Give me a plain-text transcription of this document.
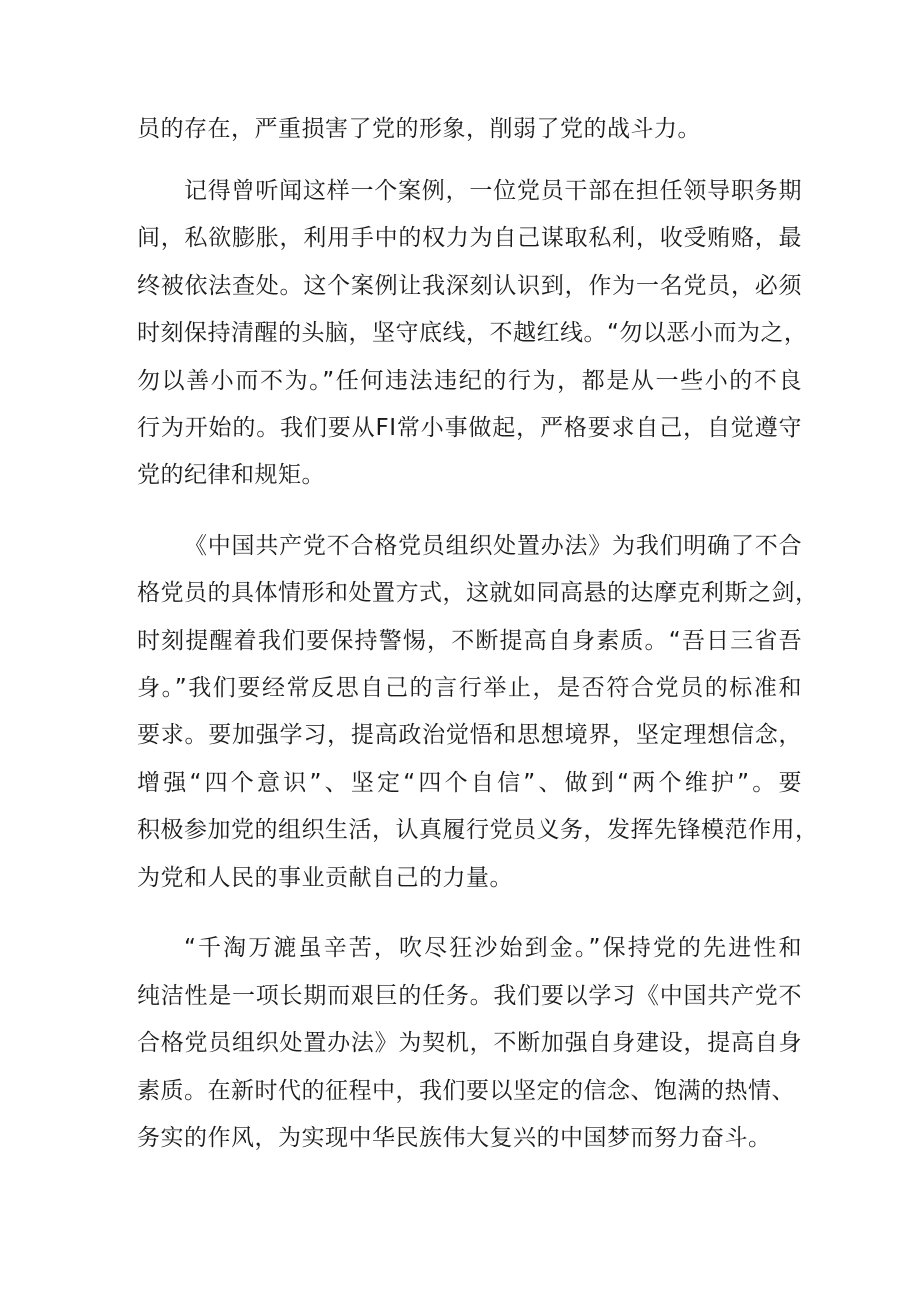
员的存在，严重损害了党的形象，削弱了党的战斗力。
记得曾听闻这样一个案例，一位党员干部在担任领导职务期
间，私欲膨胀，利用手中的权力为自己谋取私利，收受贿赂，最
终被依法查处。这个案例让我深刻认识到，作为一名党员，必须
时刻保持清醒的头脑，坚守底线，不越红线。“勿以恶小而为之，
勿以善小而不为。”任何违法违纪的行为，都是从一些小的不良
行为开始的。我们要从FI常小事做起，严格要求自己，自觉遵守
党的纪律和规矩。
《中国共产党不合格党员组织处置办法》为我们明确了不合
格党员的具体情形和处置方式，这就如同高悬的达摩克利斯之剑，
时刻提醒着我们要保持警惕，不断提高自身素质。“吾日三省吾
身。”我们要经常反思自己的言行举止，是否符合党员的标准和
要求。要加强学习，提高政治觉悟和思想境界，坚定理想信念，
增强“四个意识”、坚定“四个自信”、做到“两个维护”。要
积极参加党的组织生活，认真履行党员义务，发挥先锋模范作用，
为党和人民的事业贡献自己的力量。
“千淘万漉虽辛苦，吹尽狂沙始到金。”保持党的先进性和
纯洁性是一项长期而艰巨的任务。我们要以学习《中国共产党不
合格党员组织处置办法》为契机，不断加强自身建设，提高自身
素质。在新时代的征程中，我们要以坚定的信念、饱满的热情、
务实的作风，为实现中华民族伟大复兴的中国梦而努力奋斗。
